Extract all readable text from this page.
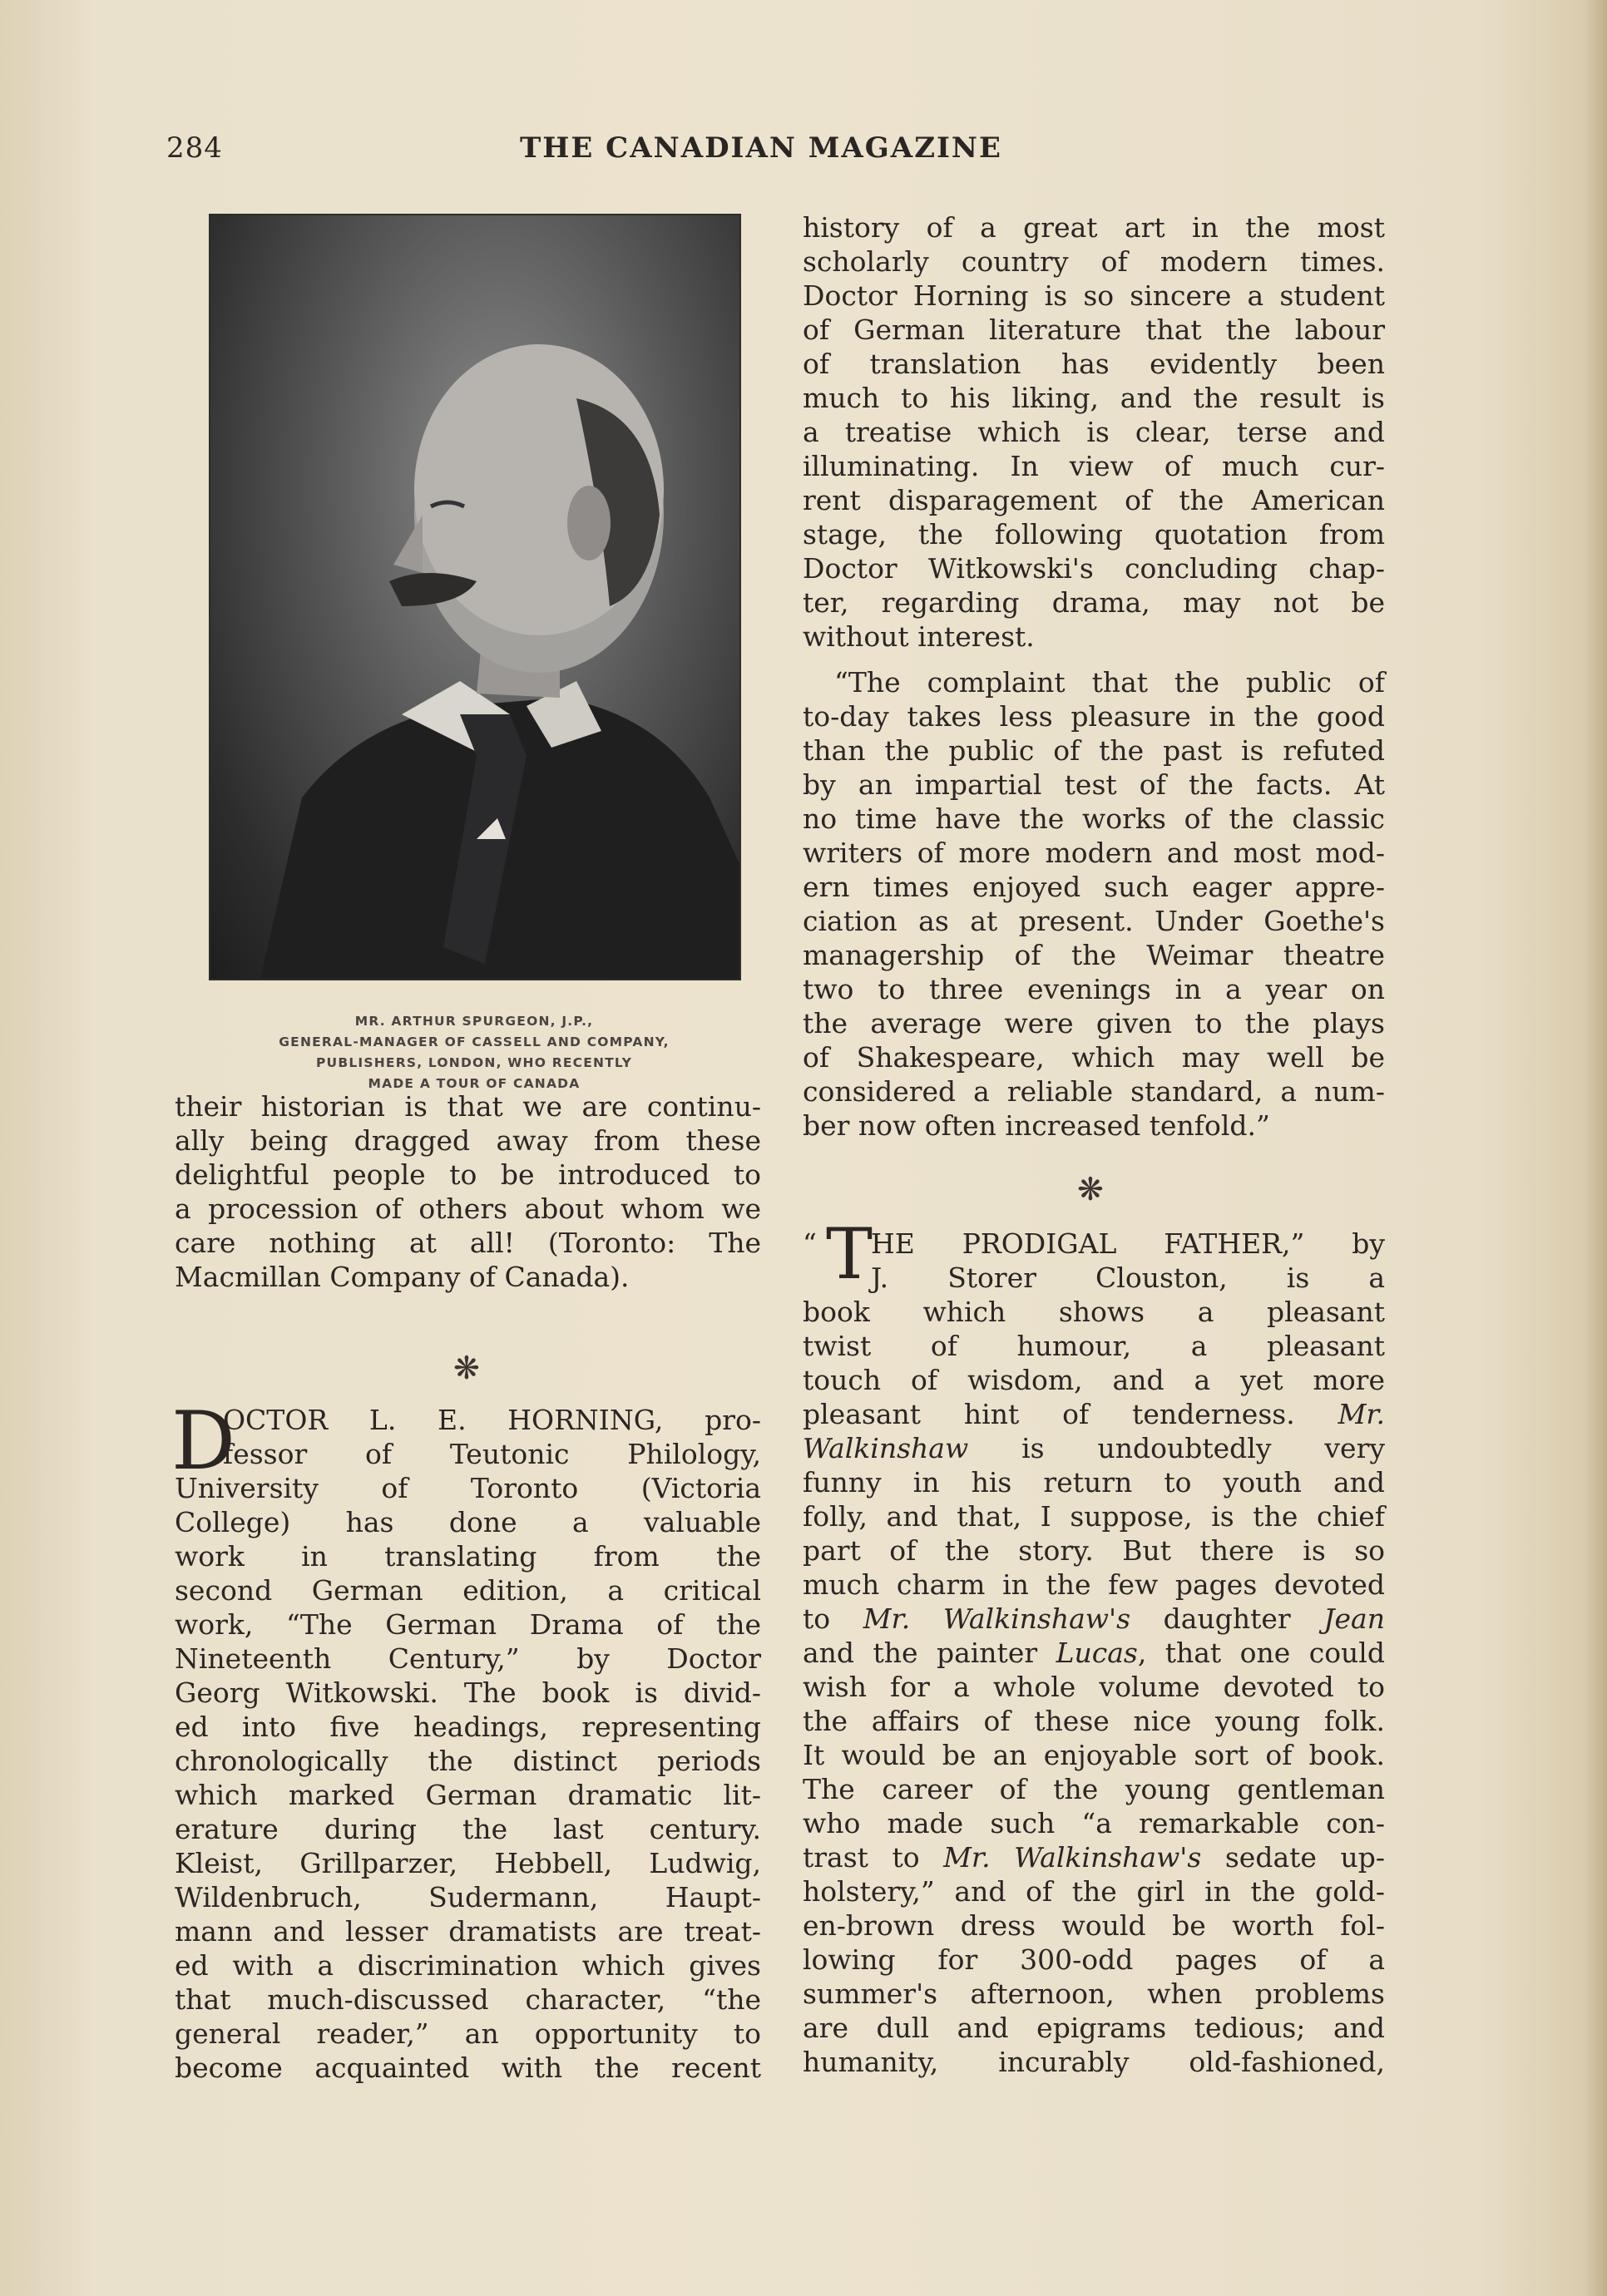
284	THE CANADIAN MAGAZINE
MR. ARTHUR SPURGEON, J.P.,
GENERAL-MANAGER OF CASSELL AND COMPANY,
PUBLISHERS, LONDON, WHO RECENTLY
MADE A TOUR OF CANADA
their historian is that we are continu-
ally being dragged away from these
delightful people to be introduced to
a procession of others about whom we
care nothing at all! (Toronto: The
Macmillan Company of Canada).
❋
D
OCTOR L. E. HORNING, pro-
fessor of Teutonic Philology,
University of Toronto (Victoria
College) has done a valuable
work in translating from the
second German edition, a critical
work, “The German Drama of the
Nineteenth Century,” by Doctor
Georg Witkowski. The book is divid-
ed into five headings, representing
chronologically the distinct periods
which marked German dramatic lit-
erature during the last century.
Kleist, Grillparzer, Hebbell, Ludwig,
Wildenbruch, Sudermann, Haupt-
mann and lesser dramatists are treat-
ed with a discrimination which gives
that much-discussed character, “the
general reader,” an opportunity to
become acquainted with the recent
history of a great art in the most
scholarly country of modern times.
Doctor Horning is so sincere a student
of German literature that the labour
of translation has evidently been
much to his liking, and the result is
a treatise which is clear, terse and
illuminating. In view of much cur-
rent disparagement of the American
stage, the following quotation from
Doctor Witkowski's concluding chap-
ter, regarding drama, may not be
without interest.
“The complaint that the public of
to-day takes less pleasure in the good
than the public of the past is refuted
by an impartial test of the facts. At
no time have the works of the classic
writers of more modern and most mod-
ern times enjoyed such eager appre-
ciation as at present. Under Goethe's
managership of the Weimar theatre
two to three evenings in a year on
the average were given to the plays
of Shakespeare, which may well be
considered a reliable standard, a num-
ber now often increased tenfold.”
❋
“ T
HE PRODIGAL FATHER,” by
J. Storer Clouston, is a
book which shows a pleasant
twist of humour, a pleasant
touch of wisdom, and a yet more
pleasant hint of tenderness. Mr.
Walkinshaw is undoubtedly very
funny in his return to youth and
folly, and that, I suppose, is the chief
part of the story. But there is so
much charm in the few pages devoted
to Mr. Walkinshaw's daughter Jean
and the painter Lucas, that one could
wish for a whole volume devoted to
the affairs of these nice young folk.
It would be an enjoyable sort of book.
The career of the young gentleman
who made such “a remarkable con-
trast to Mr. Walkinshaw's sedate up-
holstery,” and of the girl in the gold-
en-brown dress would be worth fol-
lowing for 300-odd pages of a
summer's afternoon, when problems
are dull and epigrams tedious; and
humanity, incurably old-fashioned,
